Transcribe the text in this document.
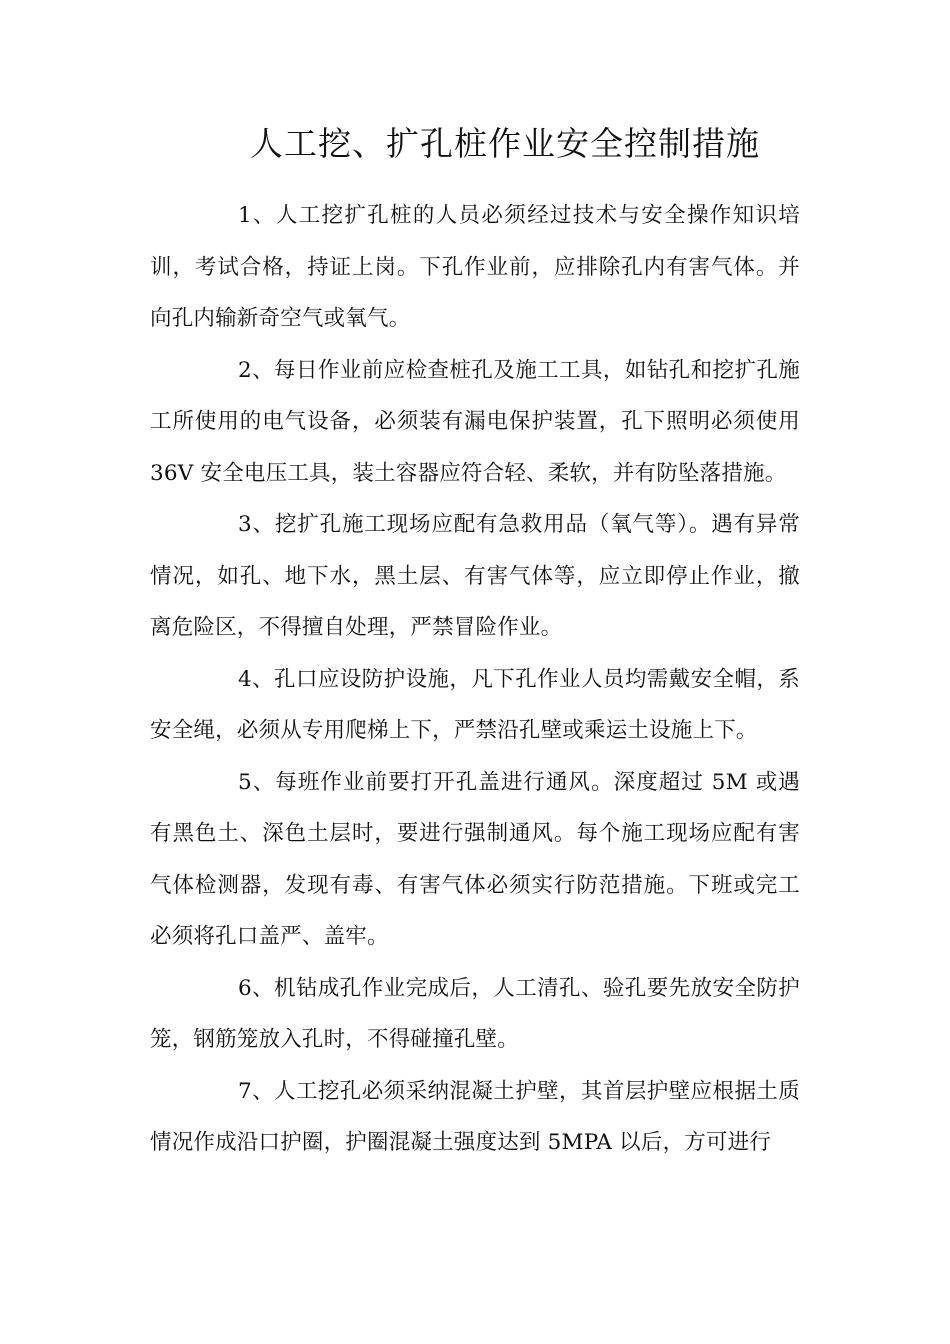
人工挖、扩孔桩作业安全控制措施

1、人工挖扩孔桩的人员必须经过技术与安全操作知识培训，考试合格，持证上岗。下孔作业前，应排除孔内有害气体。并向孔内输新奇空气或氧气。

2、每日作业前应检查桩孔及施工工具，如钻孔和挖扩孔施工所使用的电气设备，必须装有漏电保护装置，孔下照明必须使用 36V 安全电压工具，装土容器应符合轻、柔软，并有防坠落措施。

3、挖扩孔施工现场应配有急救用品（氧气等）。遇有异常情况，如孔、地下水，黑土层、有害气体等，应立即停止作业，撤离危险区，不得擅自处理，严禁冒险作业。

4、孔口应设防护设施，凡下孔作业人员均需戴安全帽，系安全绳，必须从专用爬梯上下，严禁沿孔壁或乘运土设施上下。

5、每班作业前要打开孔盖进行通风。深度超过 5M 或遇有黑色土、深色土层时，要进行强制通风。每个施工现场应配有害气体检测器，发现有毒、有害气体必须实行防范措施。下班或完工必须将孔口盖严、盖牢。

6、机钻成孔作业完成后，人工清孔、验孔要先放安全防护笼，钢筋笼放入孔时，不得碰撞孔壁。

7、人工挖孔必须采纳混凝土护壁，其首层护壁应根据土质情况作成沿口护圈，护圈混凝土强度达到 5MPA 以后，方可进行
